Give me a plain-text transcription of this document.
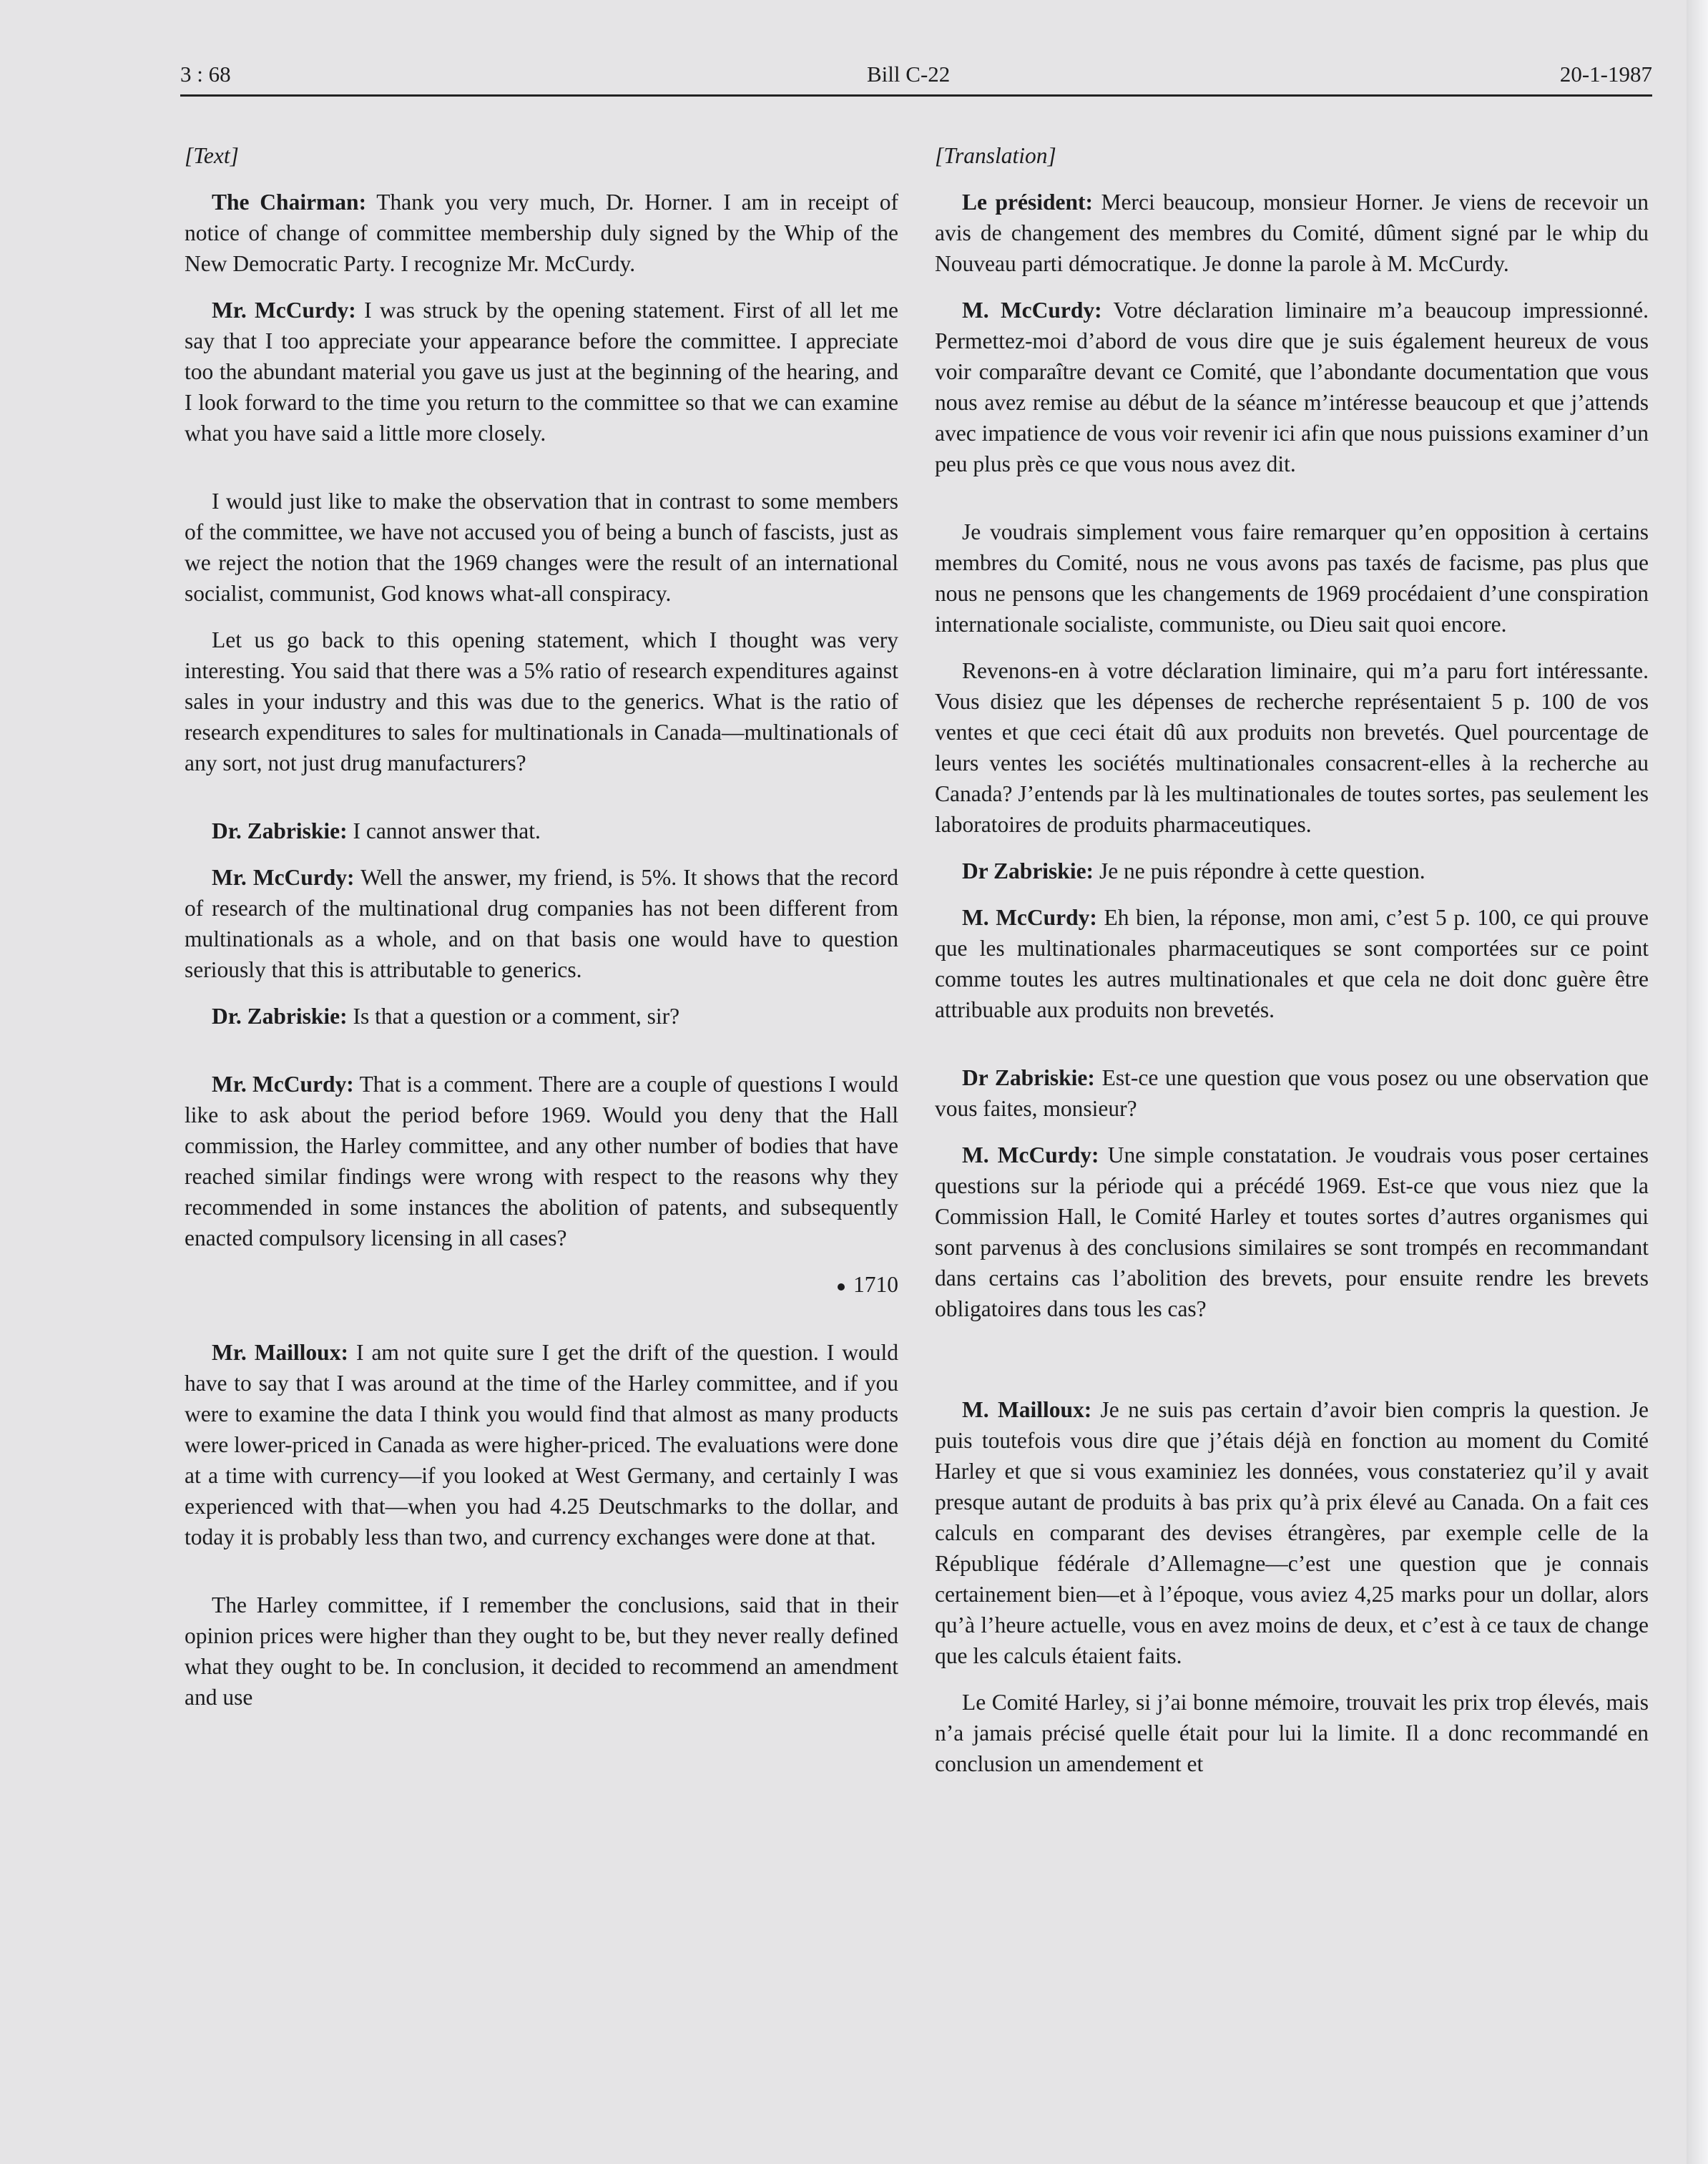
3 : 68	Bill C-22	20-1-1987
[Text]

The Chairman: Thank you very much, Dr. Horner. I am in receipt of notice of change of committee membership duly signed by the Whip of the New Democratic Party. I recognize Mr. McCurdy.

Mr. McCurdy: I was struck by the opening statement. First of all let me say that I too appreciate your appearance before the committee. I appreciate too the abundant material you gave us just at the beginning of the hearing, and I look forward to the time you return to the committee so that we can examine what you have said a little more closely.

I would just like to make the observation that in contrast to some members of the committee, we have not accused you of being a bunch of fascists, just as we reject the notion that the 1969 changes were the result of an international socialist, communist, God knows what-all conspiracy.

Let us go back to this opening statement, which I thought was very interesting. You said that there was a 5% ratio of research expenditures against sales in your industry and this was due to the generics. What is the ratio of research expenditures to sales for multinationals in Canada—multinationals of any sort, not just drug manufacturers?

Dr. Zabriskie: I cannot answer that.

Mr. McCurdy: Well the answer, my friend, is 5%. It shows that the record of research of the multinational drug companies has not been different from multinationals as a whole, and on that basis one would have to question seriously that this is attributable to generics.

Dr. Zabriskie: Is that a question or a comment, sir?

Mr. McCurdy: That is a comment. There are a couple of questions I would like to ask about the period before 1969. Would you deny that the Hall commission, the Harley committee, and any other number of bodies that have reached similar findings were wrong with respect to the reasons why they recommended in some instances the abolition of patents, and subsequently enacted compulsory licensing in all cases?

1710

Mr. Mailloux: I am not quite sure I get the drift of the question. I would have to say that I was around at the time of the Harley committee, and if you were to examine the data I think you would find that almost as many products were lower-priced in Canada as were higher-priced. The evaluations were done at a time with currency—if you looked at West Germany, and certainly I was experienced with that—when you had 4.25 Deutschmarks to the dollar, and today it is probably less than two, and currency exchanges were done at that.

The Harley committee, if I remember the conclusions, said that in their opinion prices were higher than they ought to be, but they never really defined what they ought to be. In conclusion, it decided to recommend an amendment and use

[Translation]

Le président: Merci beaucoup, monsieur Horner. Je viens de recevoir un avis de changement des membres du Comité, dûment signé par le whip du Nouveau parti démocratique. Je donne la parole à M. McCurdy.

M. McCurdy: Votre déclaration liminaire m’a beaucoup impressionné. Permettez-moi d’abord de vous dire que je suis également heureux de vous voir comparaître devant ce Comité, que l’abondante documentation que vous nous avez remise au début de la séance m’intéresse beaucoup et que j’attends avec impatience de vous voir revenir ici afin que nous puissions examiner d’un peu plus près ce que vous nous avez dit.

Je voudrais simplement vous faire remarquer qu’en opposition à certains membres du Comité, nous ne vous avons pas taxés de facisme, pas plus que nous ne pensons que les changements de 1969 procédaient d’une conspiration internationale socialiste, communiste, ou Dieu sait quoi encore.

Revenons-en à votre déclaration liminaire, qui m’a paru fort intéressante. Vous disiez que les dépenses de recherche représentaient 5 p. 100 de vos ventes et que ceci était dû aux produits non brevetés. Quel pourcentage de leurs ventes les sociétés multinationales consacrent-elles à la recherche au Canada? J’entends par là les multinationales de toutes sortes, pas seulement les laboratoires de produits pharmaceutiques.

Dr Zabriskie: Je ne puis répondre à cette question.

M. McCurdy: Eh bien, la réponse, mon ami, c’est 5 p. 100, ce qui prouve que les multinationales pharmaceutiques se sont comportées sur ce point comme toutes les autres multinationales et que cela ne doit donc guère être attribuable aux produits non brevetés.

Dr Zabriskie: Est-ce une question que vous posez ou une observation que vous faites, monsieur?

M. McCurdy: Une simple constatation. Je voudrais vous poser certaines questions sur la période qui a précédé 1969. Est-ce que vous niez que la Commission Hall, le Comité Harley et toutes sortes d’autres organismes qui sont parvenus à des conclusions similaires se sont trompés en recommandant dans certains cas l’abolition des brevets, pour ensuite rendre les brevets obligatoires dans tous les cas?

M. Mailloux: Je ne suis pas certain d’avoir bien compris la question. Je puis toutefois vous dire que j’étais déjà en fonction au moment du Comité Harley et que si vous examiniez les données, vous constateriez qu’il y avait presque autant de produits à bas prix qu’à prix élevé au Canada. On a fait ces calculs en comparant des devises étrangères, par exemple celle de la République fédérale d’Allemagne—c’est une question que je connais certainement bien—et à l’époque, vous aviez 4,25 marks pour un dollar, alors qu’à l’heure actuelle, vous en avez moins de deux, et c’est à ce taux de change que les calculs étaient faits.

Le Comité Harley, si j’ai bonne mémoire, trouvait les prix trop élevés, mais n’a jamais précisé quelle était pour lui la limite. Il a donc recommandé en conclusion un amendement et
